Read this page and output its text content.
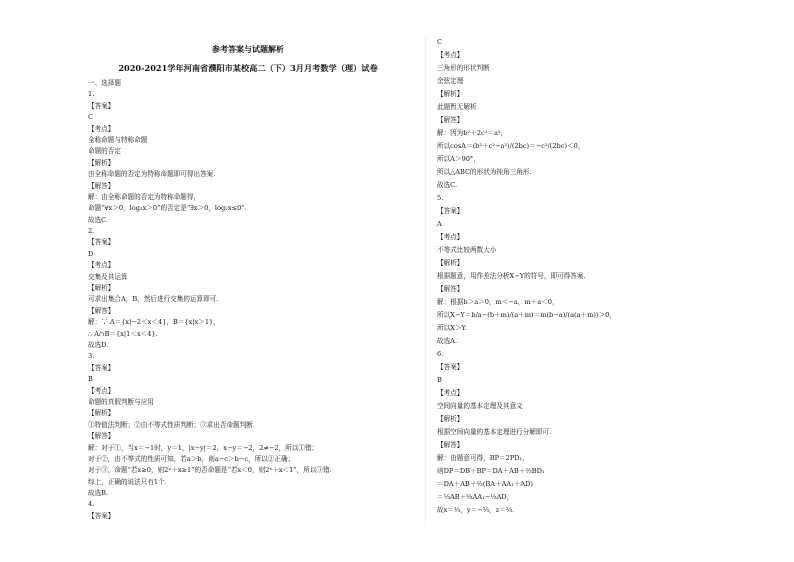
参考答案与试题解析
2020-2021学年河南省濮阳市某校高二（下）3月月考数学（理）试卷
一、选择题
1.
【答案】
C
【考点】
全称命题与特称命题
命题的否定
【解析】
由全称命题的否定为特称命题即可得出答案.
【解答】
解：由全称命题的否定为特称命题得，
命题“∀x＞0，log₂x＞0”的否定是“∃x＞0，log₂x≤0”.
故选C.
2.
【答案】
D
【考点】
交集及其运算
【解析】
可求出集合A，B，然后进行交集的运算即可.
【解答】
解：∵ A＝{x|−2＜x＜4}，B＝{x|x＞1}，
∴ A∩B＝{x|1＜x＜4}.
故选D.
3.
【答案】
B
【考点】
命题的真假判断与应用
【解析】
①特值法判断；②由不等式性质判断；③求出否命题判断.
【解答】
解：对于①，当x＝−1时，y＝1，|x−y|＝2，x−y＝−2，2≠−2，所以①错；
对于②，由不等式的性质可知，若a＞b，则a−c＞b−c，所以②正确；
对于③，命题“若x≥0，则2ˣ＋x≥1”的否命题是“若x＜0，则2ˣ＋x＜1”，所以③错.
综上，正确的说法只有1个.
故选B.
4.
【答案】
C
【考点】
三角形的形状判断
余弦定理
【解析】
此题暂无解析
【解答】
解：因为b²＋2c²＝a²，
所以cosA＝(b²＋c²−a²)/(2bc)＝−c²/(2bc)＜0，
所以A＞90°，
所以△ABC的形状为钝角三角形.
故选C.
5.
【答案】
A
【考点】
不等式比较两数大小
【解析】
根据题意，用作差法分析X−Y的符号，即可得答案.
【解答】
解：根据b＞a＞0，m＜−a，m＋a＜0，
所以X−Y＝b/a−(b＋m)/(a＋m)＝m(b−a)/(a(a＋m))＞0，
所以X＞Y.
故选A.
6.
【答案】
B
【考点】
空间向量的基本定理及其意义
【解析】
根据空间向量的基本定理进行分解即可.
【解答】
解：由题意可得，BP＝2PD₁，
则DP＝DB＋BP＝DA＋AB＋⅔BD₁
＝DA＋AB＋⅔(BA＋AA₁＋AD)
＝⅓AB＋⅔AA₁−⅓AD，
故x＝⅓，y＝−⅓，z＝⅔.
